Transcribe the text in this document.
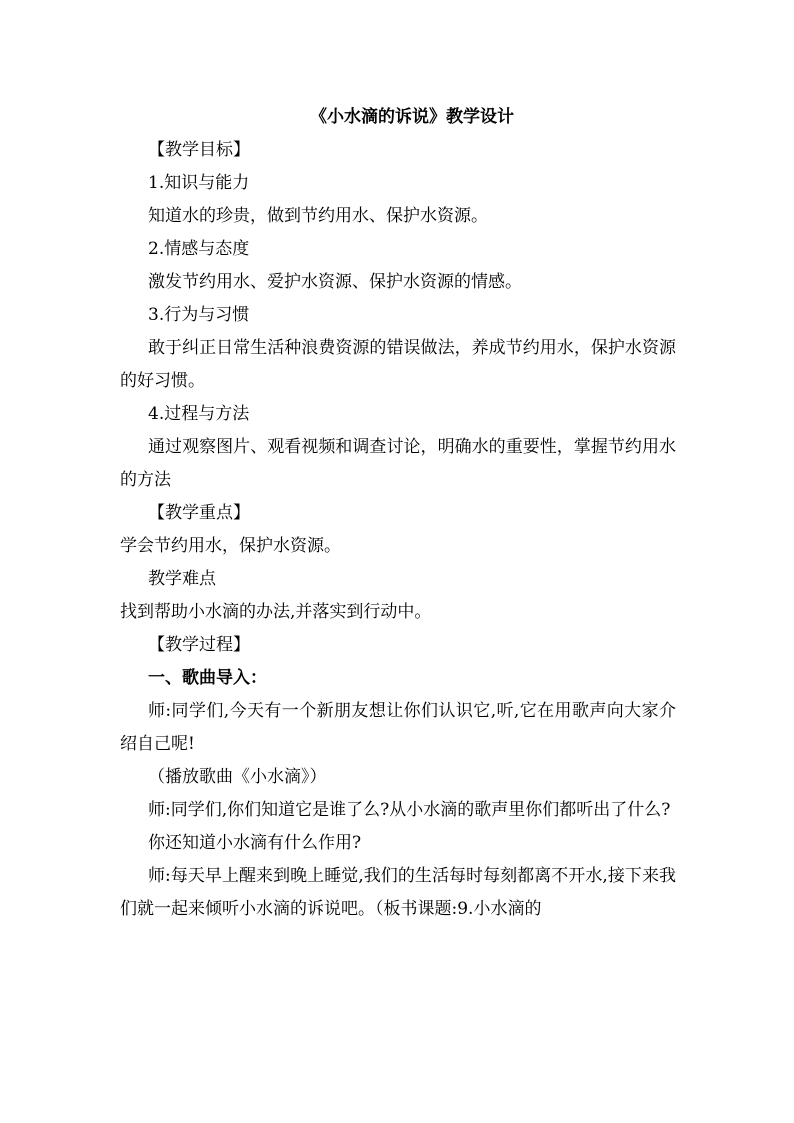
《小水滴的诉说》教学设计

【教学目标】

1.知识与能力

知道水的珍贵，做到节约用水、保护水资源。

2.情感与态度

激发节约用水、爱护水资源、保护水资源的情感。

3.行为与习惯

敢于纠正日常生活种浪费资源的错误做法，养成节约用水，保护水资源的好习惯。

4.过程与方法

通过观察图片、观看视频和调查讨论，明确水的重要性，掌握节约用水的方法

【教学重点】

学会节约用水，保护水资源。

教学难点

找到帮助小水滴的办法,并落实到行动中。

【教学过程】

一、歌曲导入：

师:同学们,今天有一个新朋友想让你们认识它,听,它在用歌声向大家介绍自己呢!

（播放歌曲《小水滴》）

师:同学们,你们知道它是谁了么?从小水滴的歌声里你们都听出了什么?

你还知道小水滴有什么作用?

师:每天早上醒来到晚上睡觉,我们的生活每时每刻都离不开水,接下来我们就一起来倾听小水滴的诉说吧。（板书课题:9.小水滴的
